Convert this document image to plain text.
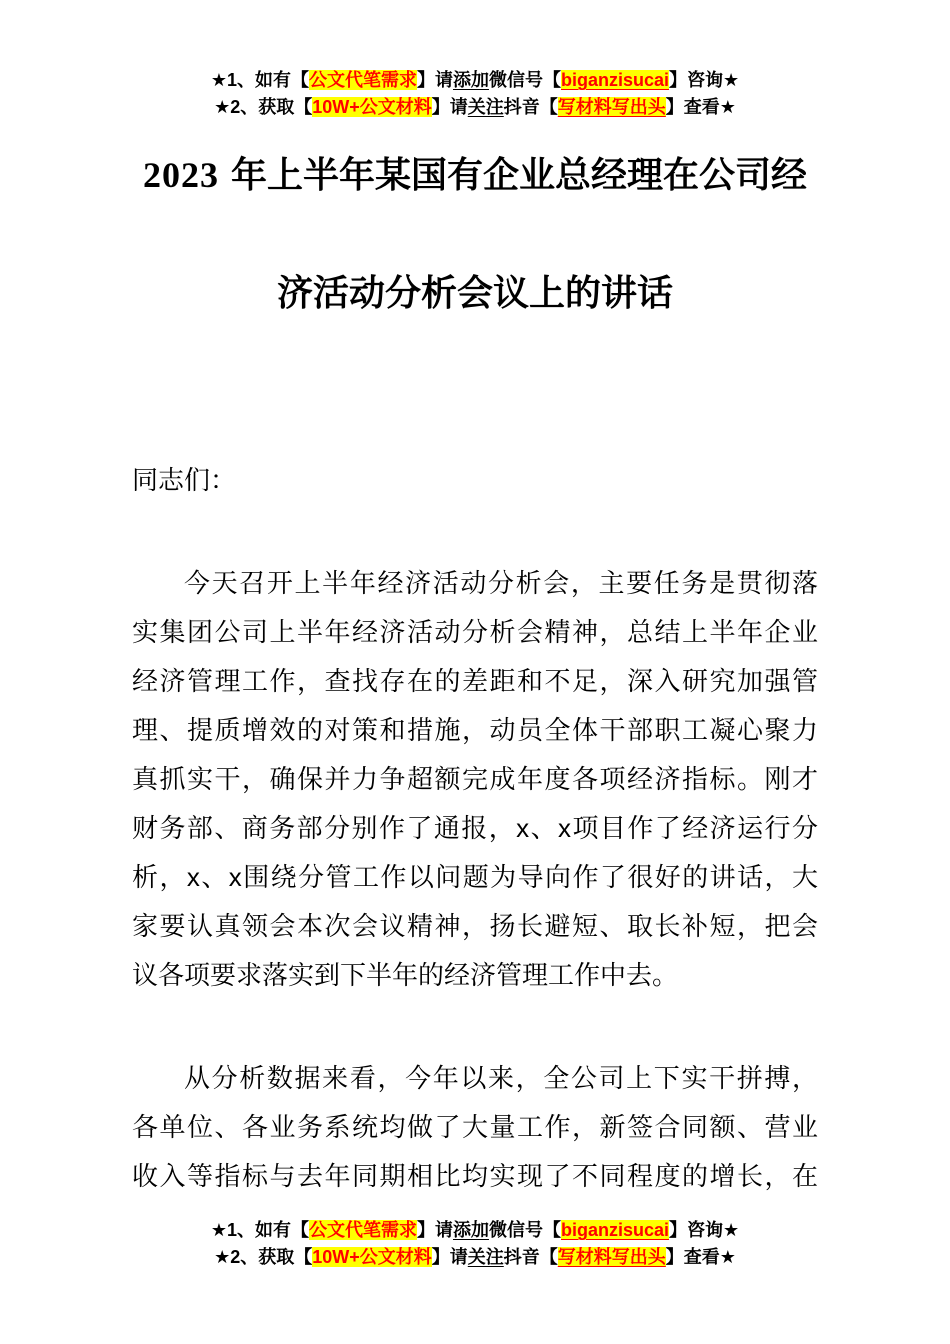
★1、如有【公文代笔需求】请添加微信号【biganzisucai】咨询★
★2、获取【10W+公文材料】请关注抖音【写材料写出头】查看★
2023 年上半年某国有企业总经理在公司经
济活动分析会议上的讲话
同志们：
今天召开上半年经济活动分析会，主要任务是贯彻落
实集团公司上半年经济活动分析会精神，总结上半年企业
经济管理工作，查找存在的差距和不足，深入研究加强管
理、提质增效的对策和措施，动员全体干部职工凝心聚力
真抓实干，确保并力争超额完成年度各项经济指标。刚才
财务部、商务部分别作了通报，x、x项目作了经济运行分
析，x、x围绕分管工作以问题为导向作了很好的讲话，大
家要认真领会本次会议精神，扬长避短、取长补短，把会
议各项要求落实到下半年的经济管理工作中去。
从分析数据来看，今年以来，全公司上下实干拼搏，
各单位、各业务系统均做了大量工作，新签合同额、营业
收入等指标与去年同期相比均实现了不同程度的增长，在
★1、如有【公文代笔需求】请添加微信号【biganzisucai】咨询★
★2、获取【10W+公文材料】请关注抖音【写材料写出头】查看★
